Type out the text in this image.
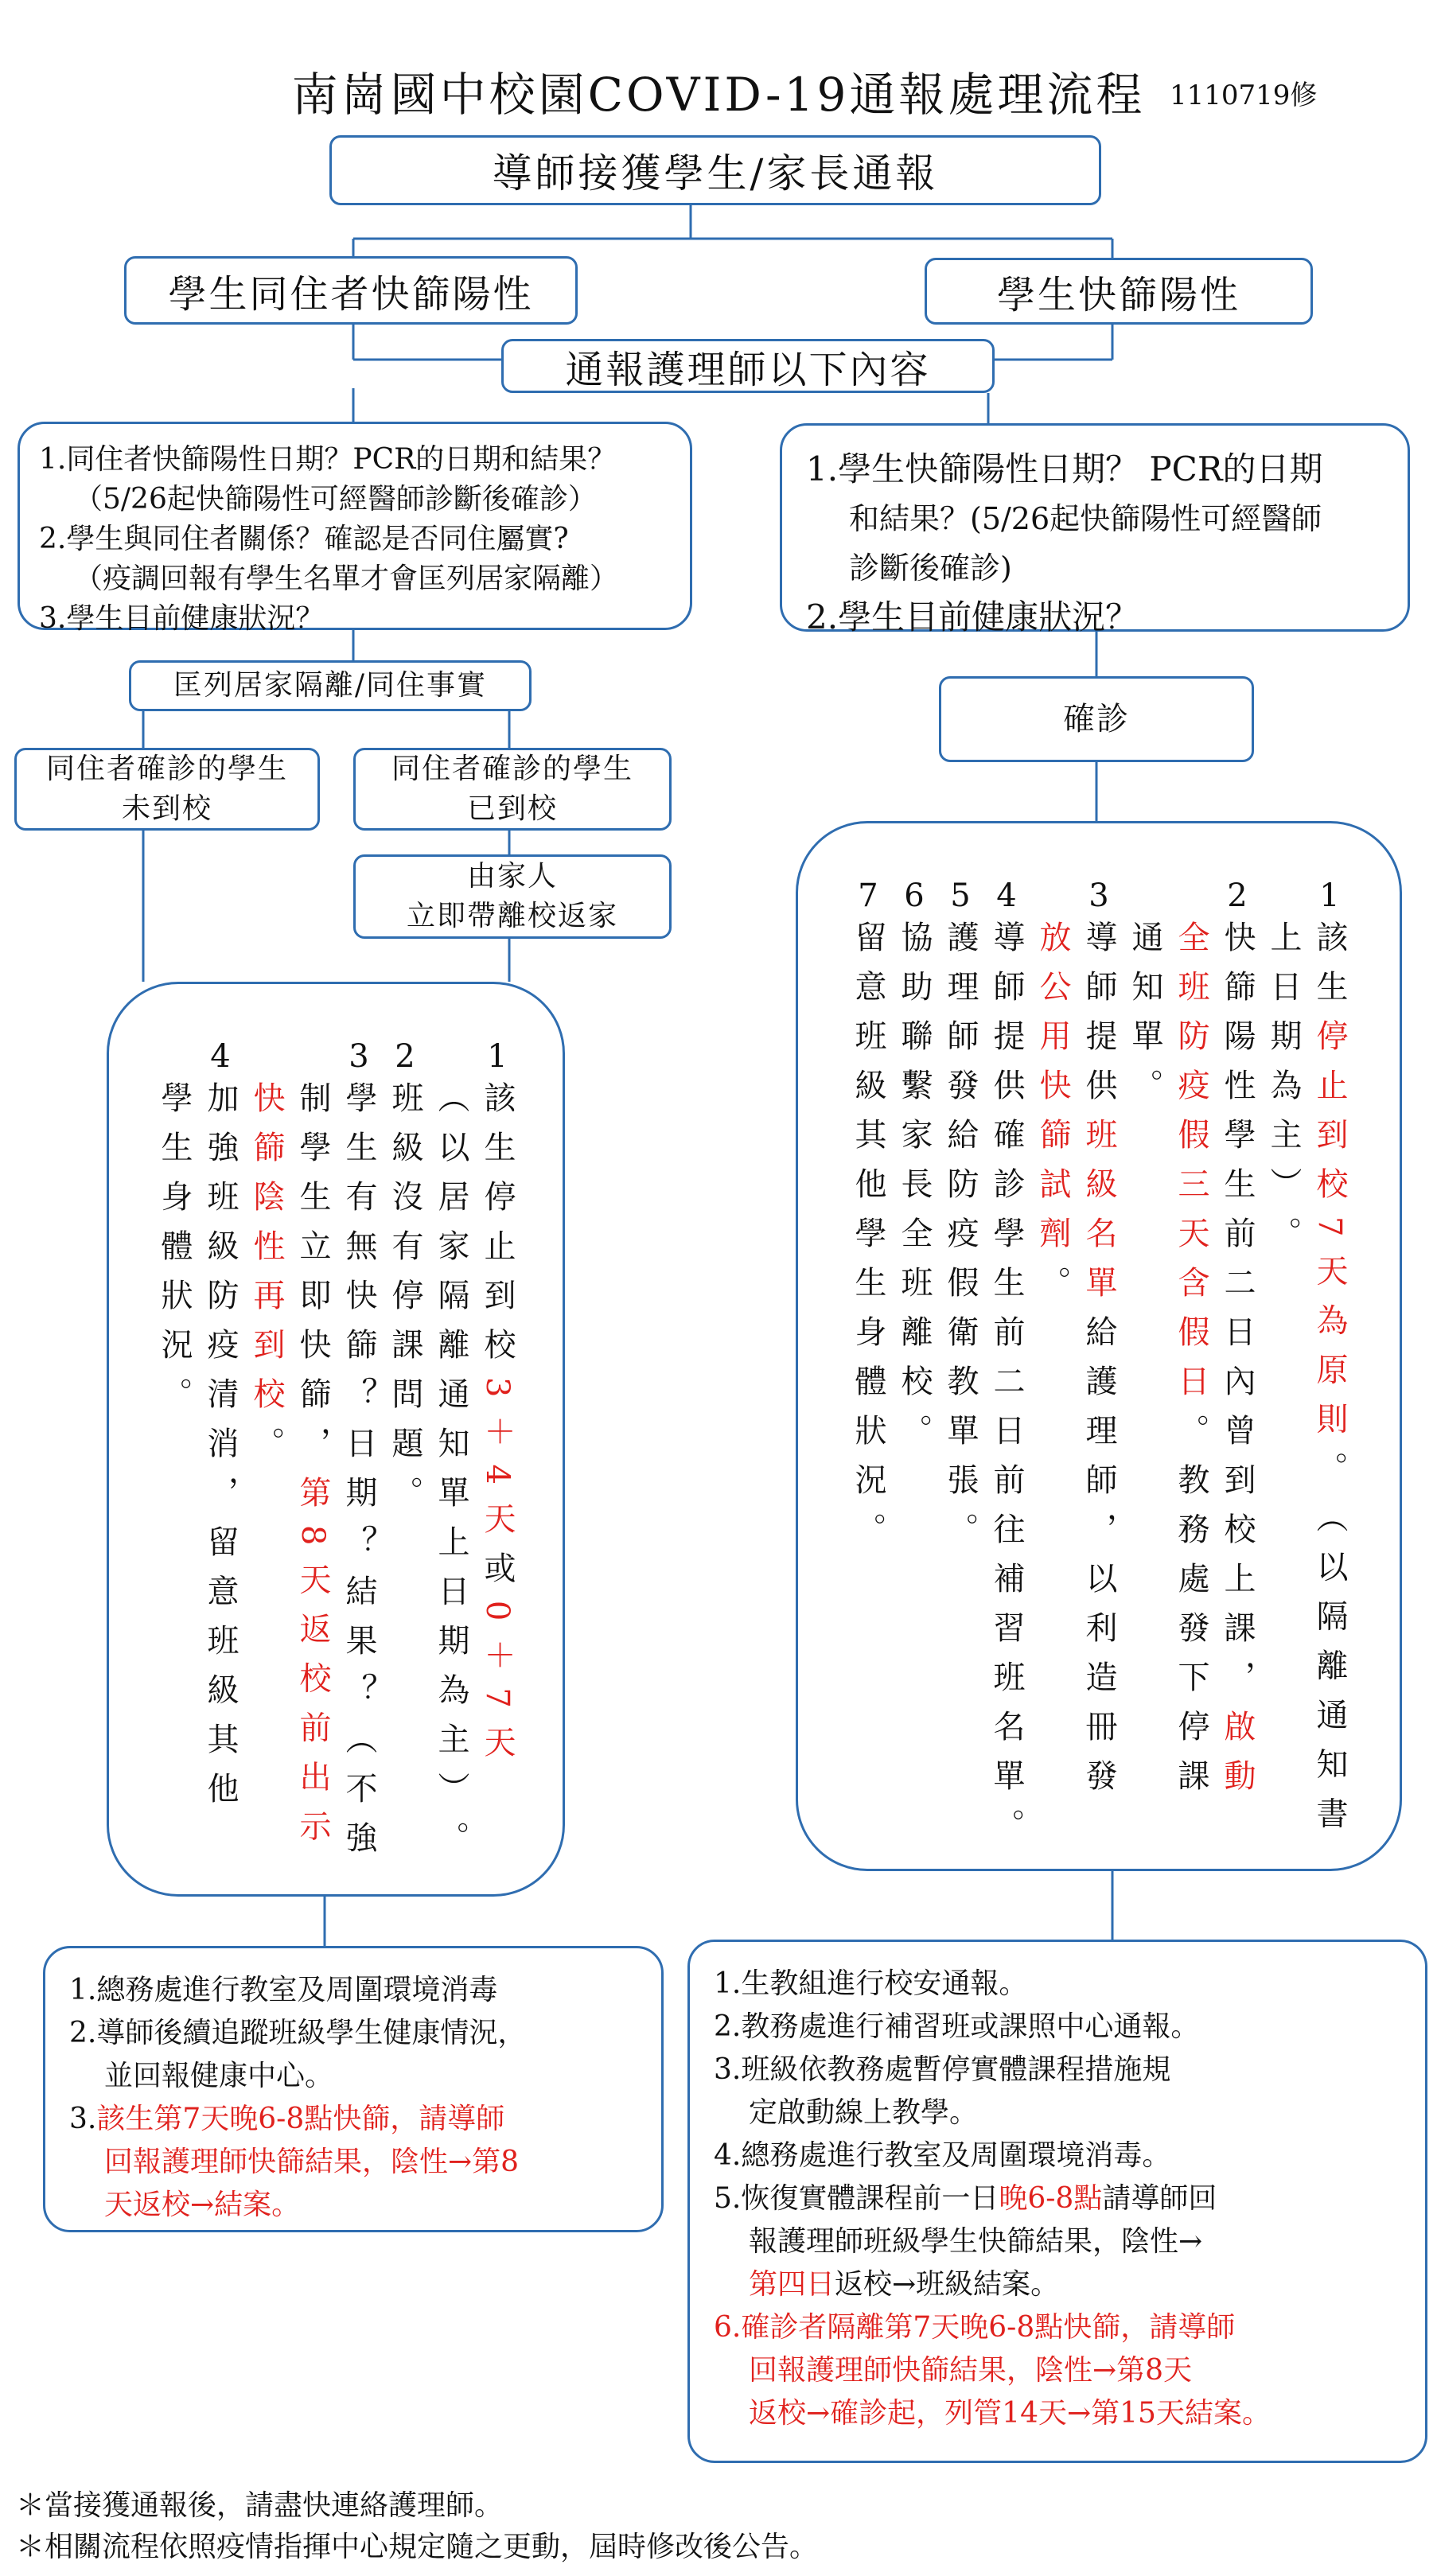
南崗國中校園COVID-19通報處理流程 1110719修
導師接獲學生/家長通報
學生同住者快篩陽性	學生快篩陽性
通報護理師以下內容

1.同住者快篩陽性日期？PCR的日期和結果？

（5/26起快篩陽性可經醫師診斷後確診）

2.學生與同住者關係？確認是否同住屬實?

（疫調回報有學生名單才會匡列居家隔離）

3.學生目前健康狀況？

1.學生快篩陽性日期？ PCR的日期

和結果？(5/26起快篩陽性可經醫師

診斷後確診)

2.學生目前健康狀況？

匡列居家隔離/同住事實
確診
同住者確診的學生
未到校
同住者確診的學生
已到校
由家人
立即帶離校返家
1
該生停止到校3＋4天或0＋7天
︵以居家隔離通知單上日期為主︶。
2
班級沒有停課問題。
3
學生有無快篩？日期？結果？︵不強
制學生立即快篩，第8天返校前出示
快篩陰性再到校。
4
加強班級防疫清消，留意班級其他
學生身體狀況。
1
該生停止到校7天為原則。︵以隔離通知書
上日期為主︶。
2
快篩陽性學生前二日內曾到校上課，啟動
全班防疫假三天含假日。教務處發下停課
通知單。
3
導師提供班級名單給護理師，以利造冊發
放公用快篩試劑。
4
導師提供確診學生前二日前往補習班名單。
5
護理師發給防疫假衛教單張。
6
協助聯繫家長全班離校。
7
留意班級其他學生身體狀況。

1.總務處進行教室及周圍環境消毒

2.導師後續追蹤班級學生健康情況，

並回報健康中心。

3.該生第7天晚6-8點快篩，請導師

回報護理師快篩結果，陰性→第8

天返校→結案。

1.生教組進行校安通報。

2.教務處進行補習班或課照中心通報。

3.班級依教務處暫停實體課程措施規

定啟動線上教學。

4.總務處進行教室及周圍環境消毒。

5.恢復實體課程前一日晚6-8點請導師回

報護理師班級學生快篩結果，陰性→

第四日返校→班級結案。

6.確診者隔離第7天晚6-8點快篩，請導師

回報護理師快篩結果，陰性→第8天

返校→確診起，列管14天→第15天結案。

＊當接獲通報後，請盡快連絡護理師。
＊相關流程依照疫情指揮中心規定隨之更動，屆時修改後公告。
